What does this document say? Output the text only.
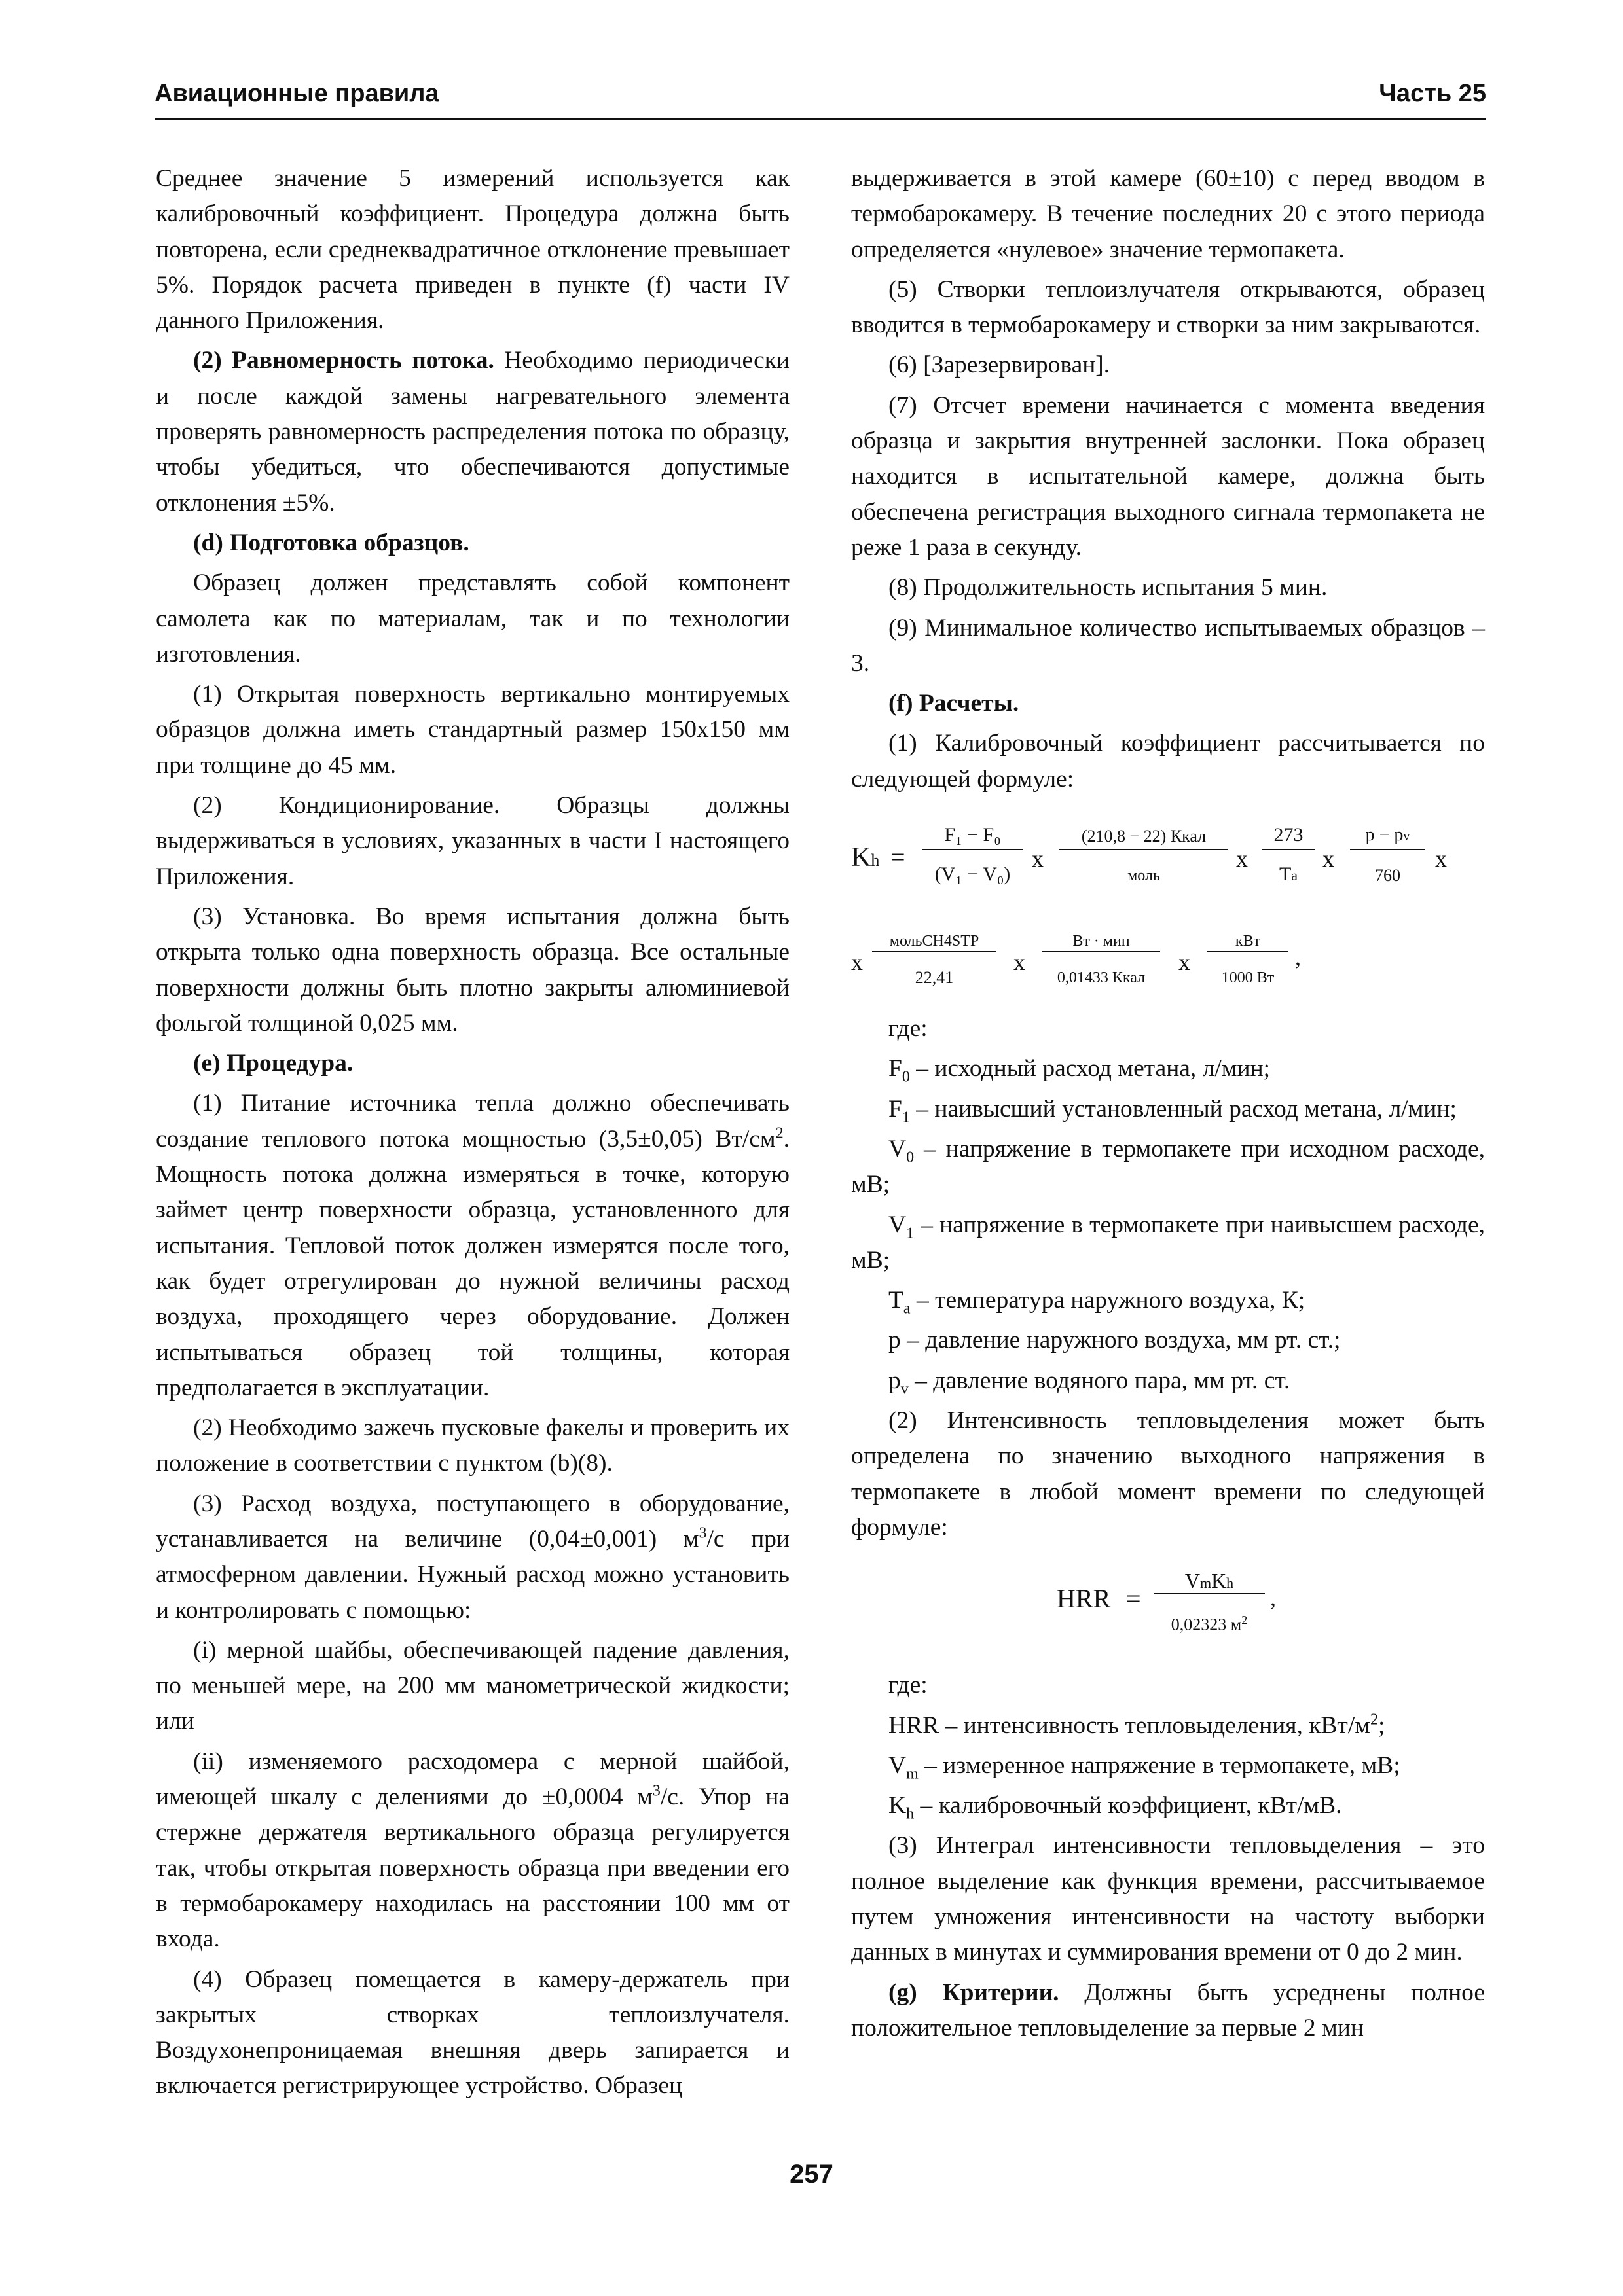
Авиационные правила	Часть 25

Среднее значение 5 измерений используется как калибровочный коэффициент. Процедура должна быть повторена, если среднеквадратичное отклонение превышает 5%. Порядок расчета приведен в пункте (f) части IV данного Приложения.

(2) Равномерность потока. Необходимо периодически и после каждой замены нагревательного элемента проверять равномерность распределения потока по образцу, чтобы убедиться, что обеспечиваются допустимые отклонения ±5%.

(d) Подготовка образцов.

Образец должен представлять собой компонент самолета как по материалам, так и по технологии изготовления.

(1) Открытая поверхность вертикально монтируемых образцов должна иметь стандартный размер 150х150 мм при толщине до 45 мм.

(2) Кондиционирование. Образцы должны выдерживаться в условиях, указанных в части I настоящего Приложения.

(3) Установка. Во время испытания должна быть открыта только одна поверхность образца. Все остальные поверхности должны быть плотно закрыты алюминиевой фольгой толщиной 0,025 мм.

(е) Процедура.

(1) Питание источника тепла должно обеспечивать создание теплового потока мощностью (3,5±0,05) $Вт/см^2$. Мощность потока должна измеряться в точке, которую займет центр поверхности образца, установленного для испытания. Тепловой поток должен измерятся после того, как будет отрегулирован до нужной величины расход воздуха, проходящего через оборудование. Должен испытываться образец той толщины, которая предполагается в эксплуатации.

(2) Необходимо зажечь пусковые факелы и проверить их положение в соответствии с пунктом (b)(8).

(3) Расход воздуха, поступающего в оборудование, устанавливается на величине (0,04±0,001) $м^3/с$ при атмосферном давлении. Нужный расход можно установить и контролировать с помощью:

(i) мерной шайбы, обеспечивающей падение давления, по меньшей мере, на 200 мм манометрической жидкости; или

(ii) изменяемого расходомера с мерной шайбой, имеющей шкалу с делениями до ±0,0004 $м^3/с$. Упор на стержне держателя вертикального образца регулируется так, чтобы открытая поверхность образца при введении его в термобарокамеру находилась на расстоянии 100 мм от входа.

(4) Образец помещается в камеру-держатель при закрытых створках теплоизлучателя. Воздухонепроницаемая внешняя дверь запирается и включается регистрирующее устройство. Образец

выдерживается в этой камере (60±10) с перед вводом в термобарокамеру. В течение последних 20 с этого периода определяется «нулевое» значение термопакета.

(5) Створки теплоизлучателя открываются, образец вводится в термобарокамеру и створки за ним закрываются.

(6) [Зарезервирован].

(7) Отсчет времени начинается с момента введения образца и закрытия внутренней заслонки. Пока образец находится в испытательной камере, должна быть обеспечена регистрация выходного сигнала термопакета не реже 1 раза в секунду.

(8) Продолжительность испытания 5 мин.

(9) Минимальное количество испытываемых образцов – 3.

(f) Расчеты.

(1) Калибровочный коэффициент рассчитывается по следующей формуле:

Kh =
F₁ − F₀
(V₁ − V₀)
x
(210,8 − 22) Ккал
моль
x
273
Ta
x
p − pv
760
x
x
мольCH4STP
22,41
x
Вт · мин
0,01433 Ккал
x
кВт
1000 Вт
,

где:

$F_0$ – исходный расход метана, л/мин;

$F_1$ – наивысший установленный расход метана, л/мин;

$V_0$ – напряжение в термопакете при исходном расходе, мВ;

$V_1$ – напряжение в термопакете при наивысшем расходе, мВ;

$T_a$ – температура наружного воздуха, К;

p – давление наружного воздуха, мм рт. ст.;

$p_v$ – давление водяного пара, мм рт. ст.

(2) Интенсивность тепловыделения может быть определена по значению выходного напряжения в термопакете в любой момент времени по следующей формуле:

HRR =
VmKh
0,02323 $м^2$
,

где:

HRR – интенсивность тепловыделения, кВт/$м^2$;

$V_m$ – измеренное напряжение в термопакете, мВ;

$K_h$ – калибровочный коэффициент, кВт/мВ.

(3) Интеграл интенсивности тепловыделения – это полное выделение как функция времени, рассчитываемое путем умножения интенсивности на частоту выборки данных в минутах и суммирования времени от 0 до 2 мин.

(g) Критерии. Должны быть усреднены полное положительное тепловыделение за первые 2 мин

257
